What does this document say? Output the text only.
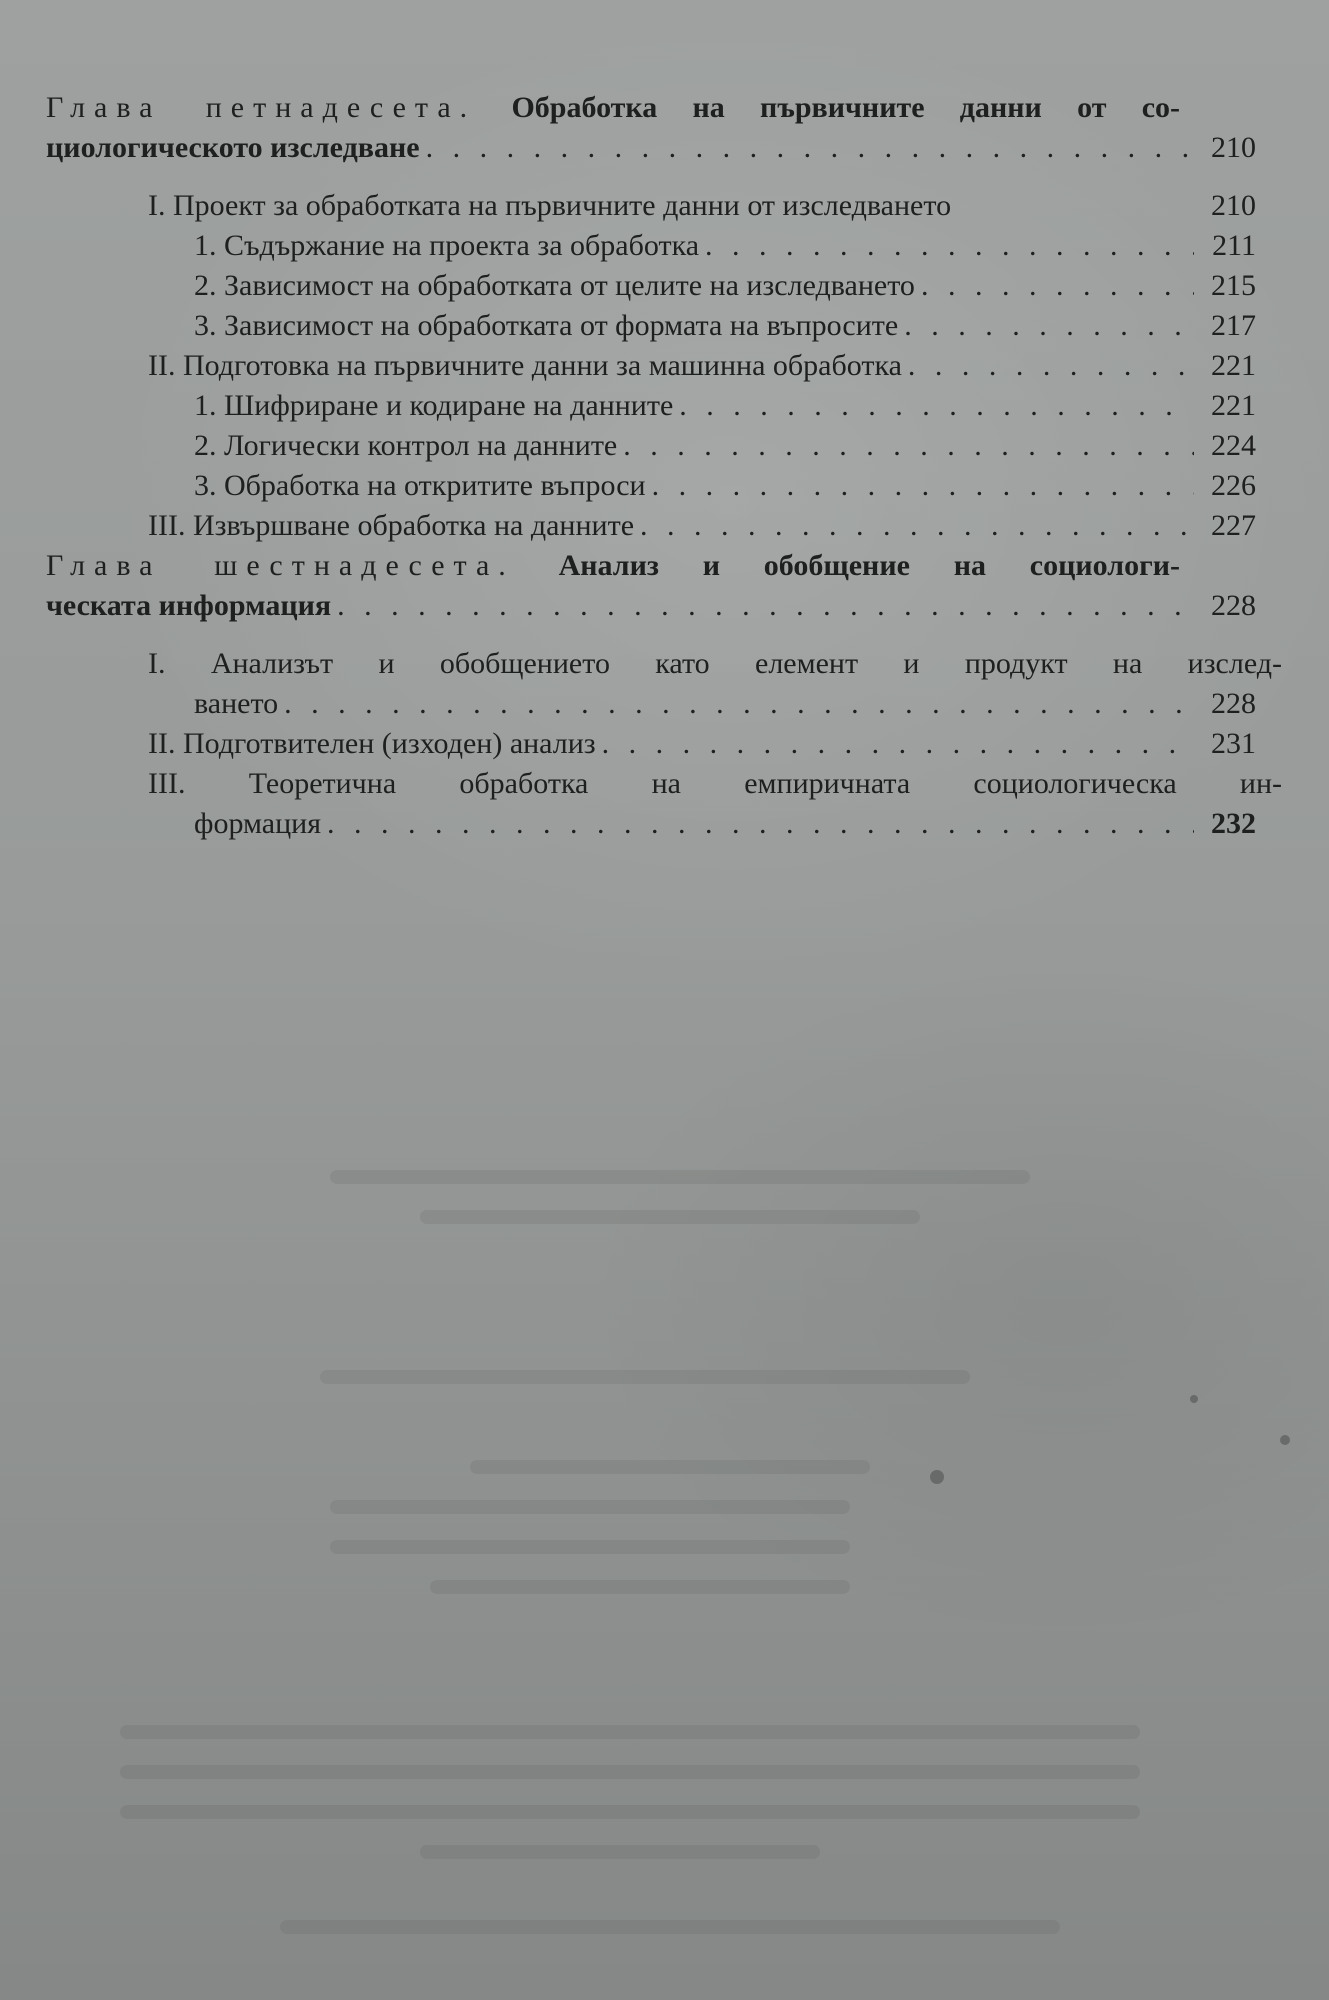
Глава петнадесета. Обработка на първичните данни от со-
циологическото изследване . . .	210
I. Проект за обработката на първичните данни от изследването	210
1. Съдържание на проекта за обработка . . .	211
2. Зависимост на обработката от целите на изследването . . .	215
3. Зависимост на обработката от формата на въпросите . . .	217
II. Подготовка на първичните данни за машинна обработка . . .	221
1. Шифриране и кодиране на данните . . .	221
2. Логически контрол на данните . . .	224
3. Обработка на откритите въпроси . . .	226
III. Извършване обработка на данните . . .	227
Глава шестнадесета. Анализ и обобщение на социологи-
ческата информация . . .	228
I. Анализът и обобщението като елемент и продукт на изслед-
ването . . .	228
II. Подготвителен (изходен) анализ . . .	231
III. Теоретична обработка на емпиричната социологическа ин-
формация . . .	232
